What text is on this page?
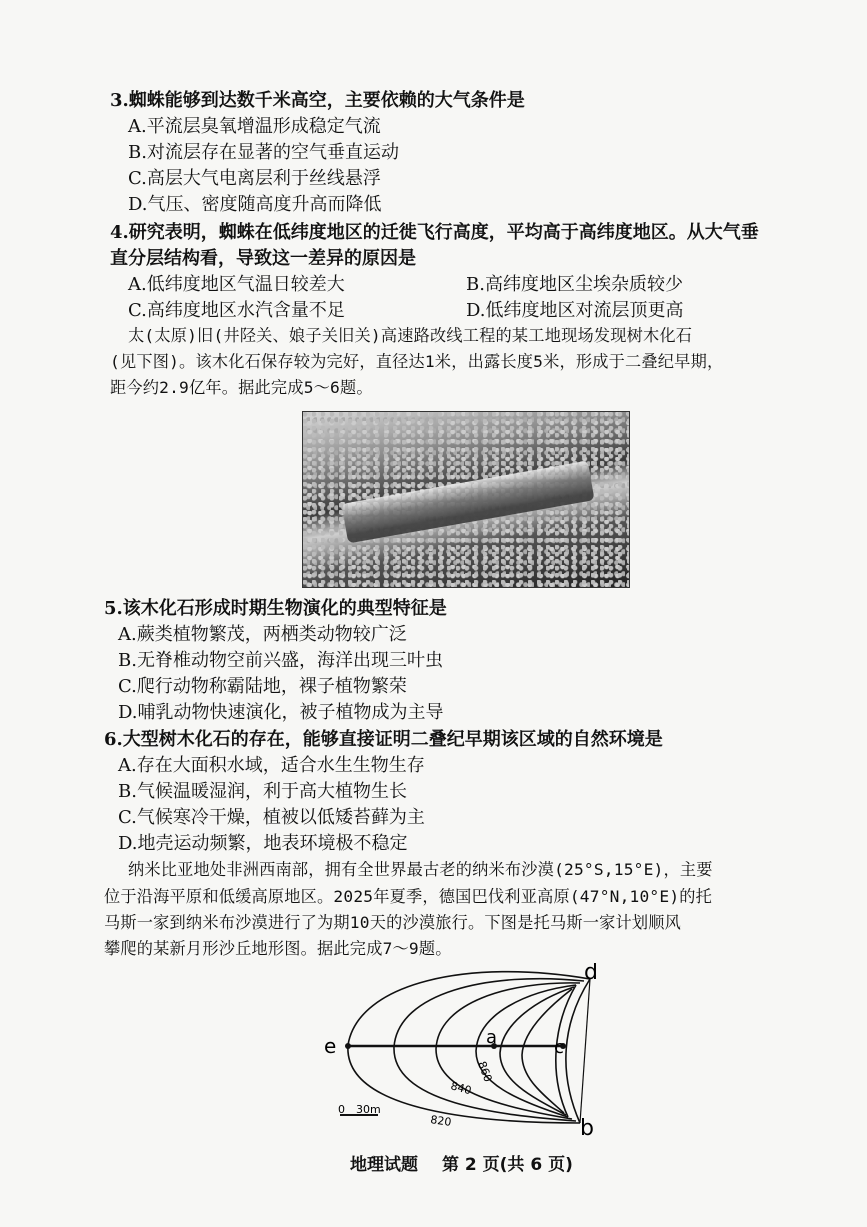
3.蜘蛛能够到达数千米高空，主要依赖的大气条件是
A.平流层臭氧增温形成稳定气流
B.对流层存在显著的空气垂直运动
C.高层大气电离层利于丝线悬浮
D.气压、密度随高度升高而降低
4.研究表明，蜘蛛在低纬度地区的迁徙飞行高度，平均高于高纬度地区。从大气垂
直分层结构看，导致这一差异的原因是
A.低纬度地区气温日较差大	B.高纬度地区尘埃杂质较少
C.高纬度地区水汽含量不足	D.低纬度地区对流层顶更高
太(太原)旧(井陉关、娘子关旧关)高速路改线工程的某工地现场发现树木化石
(见下图)。该木化石保存较为完好，直径达1米，出露长度5米，形成于二叠纪早期，
距今约2.9亿年。据此完成5～6题。
5.该木化石形成时期生物演化的典型特征是
A.蕨类植物繁茂，两栖类动物较广泛
B.无脊椎动物空前兴盛，海洋出现三叶虫
C.爬行动物称霸陆地，裸子植物繁荣
D.哺乳动物快速演化，被子植物成为主导
6.大型树木化石的存在，能够直接证明二叠纪早期该区域的自然环境是
A.存在大面积水域，适合水生生物生存
B.气候温暖湿润，利于高大植物生长
C.气候寒冷干燥，植被以低矮苔藓为主
D.地壳运动频繁，地表环境极不稳定
纳米比亚地处非洲西南部，拥有全世界最古老的纳米布沙漠(25°S,15°E)，主要
位于沿海平原和低缓高原地区。2025年夏季，德国巴伐利亚高原(47°N,10°E)的托
马斯一家到纳米布沙漠进行了为期10天的沙漠旅行。下图是托马斯一家计划顺风
攀爬的某新月形沙丘地形图。据此完成7～9题。
e	a	c
d
b
860
840
820
0 30m
地理试题 第 2 页(共 6 页)
